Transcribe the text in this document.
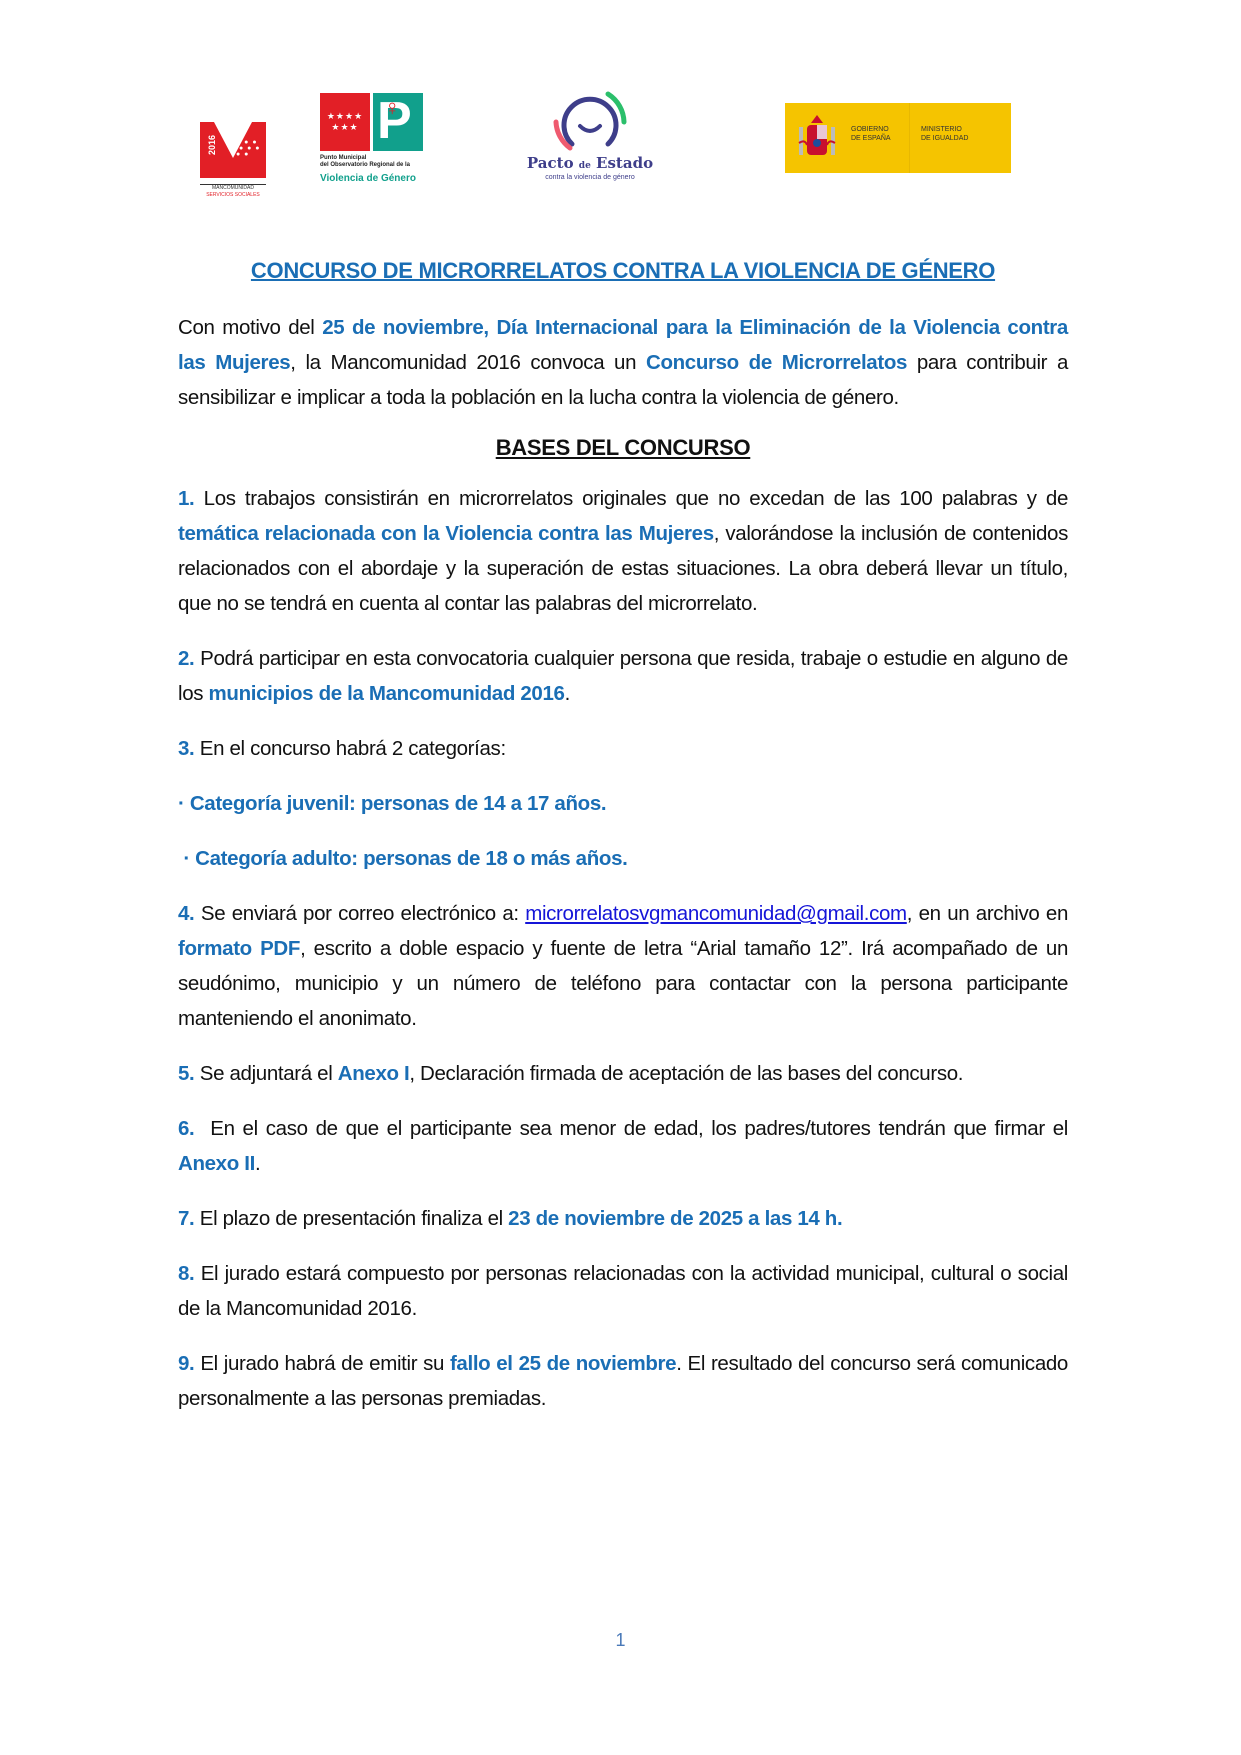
2016	● ● ●
● ● ●
● ●
MANCOMUNIDAD
SERVICIOS SOCIALES
★★★★
★★★
P
♀
Punto Municipal
del Observatorio Regional de la
Violencia de Género
Pacto de Estado
contra la violencia de género
GOBIERNO
DE ESPAÑA
MINISTERIO
DE IGUALDAD
CONCURSO DE MICRORRELATOS CONTRA LA VIOLENCIA DE GÉNERO

Con motivo del 25 de noviembre, Día Internacional para la Eliminación de la Violencia contra las Mujeres, la Mancomunidad 2016 convoca un Concurso de Microrrelatos para contribuir a sensibilizar e implicar a toda la población en la lucha contra la violencia de género.

BASES DEL CONCURSO

1. Los trabajos consistirán en microrrelatos originales que no excedan de las 100 palabras y de temática relacionada con la Violencia contra las Mujeres, valorándose la inclusión de contenidos relacionados con el abordaje y la superación de estas situaciones. La obra deberá llevar un título, que no se tendrá en cuenta al contar las palabras del microrrelato.

2. Podrá participar en esta convocatoria cualquier persona que resida, trabaje o estudie en alguno de los municipios de la Mancomunidad 2016.

3. En el concurso habrá 2 categorías:

· Categoría juvenil: personas de 14 a 17 años.

· Categoría adulto: personas de 18 o más años.

4. Se enviará por correo electrónico a: microrrelatosvgmancomunidad@gmail.com, en un archivo en formato PDF, escrito a doble espacio y fuente de letra “Arial tamaño 12”. Irá acompañado de un seudónimo, municipio y un número de teléfono para contactar con la persona participante manteniendo el anonimato.

5. Se adjuntará el Anexo I, Declaración firmada de aceptación de las bases del concurso.

6.  En el caso de que el participante sea menor de edad, los padres/tutores tendrán que firmar el Anexo II.

7. El plazo de presentación finaliza el 23 de noviembre de 2025 a las 14 h.

8. El jurado estará compuesto por personas relacionadas con la actividad municipal, cultural o social de la Mancomunidad 2016.

9. El jurado habrá de emitir su fallo el 25 de noviembre. El resultado del concurso será comunicado personalmente a las personas premiadas.

1
